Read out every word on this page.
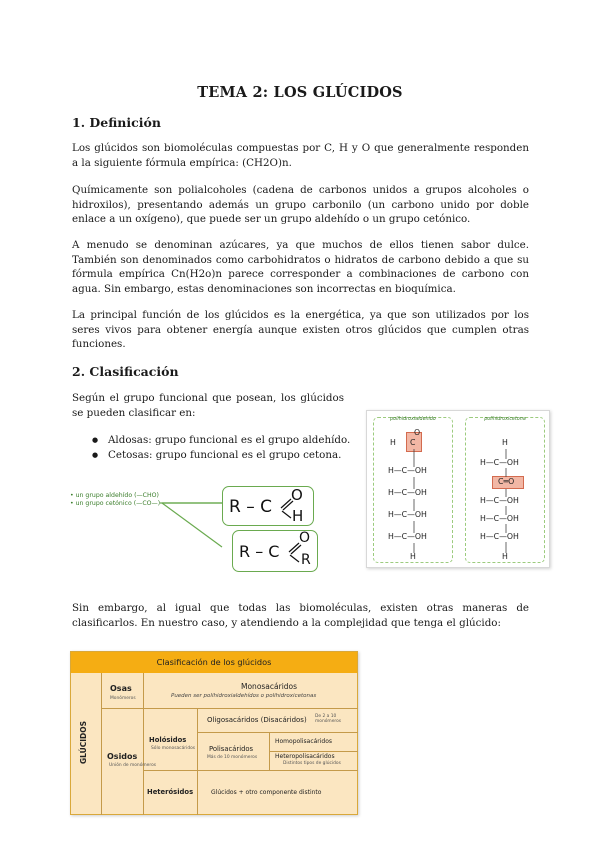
TEMA 2: LOS GLÚCIDOS
1. Definición

Los glúcidos son biomoléculas compuestas por C, H y O que generalmente responden a la siguiente fórmula empírica: (CH2O)n.

Químicamente son polialcoholes (cadena de carbonos unidos a grupos alcoholes o hidroxilos), presentando además un grupo carbonilo (un carbono unido por doble enlace a un oxígeno), que puede ser un grupo aldehído o un grupo cetónico.

A menudo se denominan azúcares, ya que muchos de ellos tienen sabor dulce. También son denominados como carbohidratos o hidratos de carbono debido a que su fórmula empírica Cn(H2o)n parece corresponder a combinaciones de carbono con agua. Sin embargo, estas denominaciones son incorrectas en bioquímica.

La principal función de los glúcidos es la energética, ya que son utilizados por los seres vivos para obtener energía aunque existen otros glúcidos que cumplen otras funciones.

2. Clasificación

Según el grupo funcional que posean, los glúcidos se pueden clasificar en:

● Aldosas: grupo funcional es el grupo aldehído.
● Cetosas: grupo funcional es el grupo cetona.
• un grupo aldehído (—CHO)
• un grupo cetónico (—CO—)	R – C
O
H
R – C
O
R
polihidroxialdehído
H C
O
H—C—OH
H—C—OH
H—C—OH
H—C—OH
H
polihidroxicetona
H
H—C—OH
C═O
H—C—OH
H—C—OH
H—C—OH
H

Sin embargo, al igual que todas las biomoléculas, existen otras maneras de clasificarlos. En nuestro caso, y atendiendo a la complejidad que tenga el glúcido:

Clasificación de los glúcidos
GLÚCIDOS
Osas
Monómeros
Monosacáridos
Pueden ser polihidroxialdehídos o polihidroxicetonas
Oligosacáridos (Disacáridos) De 2 a 10 monómeros
Osidos
Unión de monómeros
Holósidos
Sólo monosacáridos Polisacáridos
Más de 10 monómeros
Homopolisacáridos
Heteropolisacáridos
Distintos tipos de glúcidos
Heterósidos	Glúcidos + otro componente distinto
